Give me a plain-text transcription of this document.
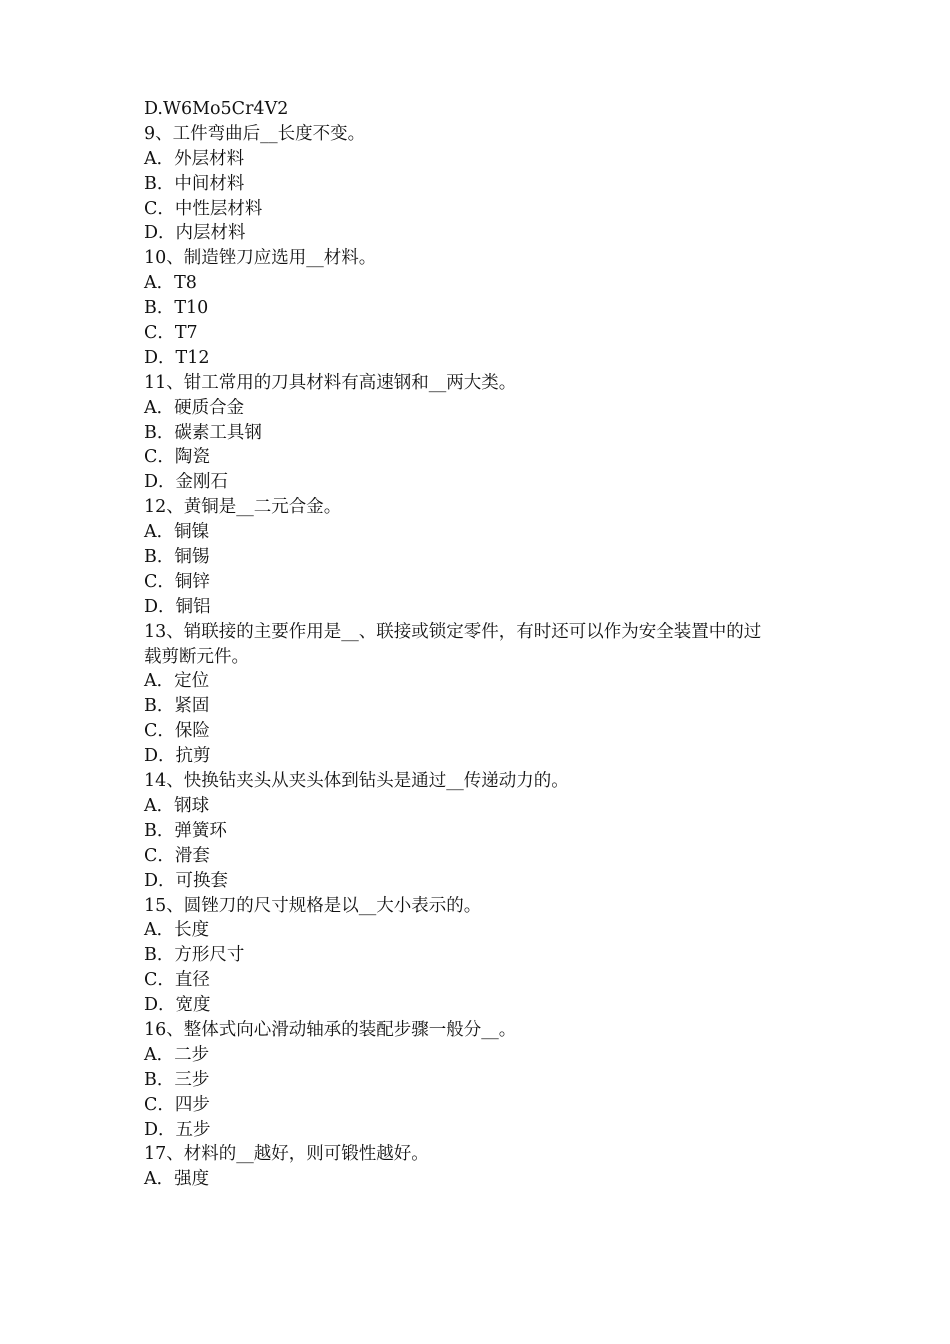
D.W6Mo5Cr4V2
9、工件弯曲后__长度不变。
A．外层材料
B．中间材料
C．中性层材料
D．内层材料
10、制造锉刀应选用__材料。
A．T8
B．T10
C．T7
D．T12
11、钳工常用的刀具材料有高速钢和__两大类。
A．硬质合金
B．碳素工具钢
C．陶瓷
D．金刚石
12、黄铜是__二元合金。
A．铜镍
B．铜锡
C．铜锌
D．铜铝
13、销联接的主要作用是__、联接或锁定零件，有时还可以作为安全装置中的过
载剪断元件。
A．定位
B．紧固
C．保险
D．抗剪
14、快换钻夹头从夹头体到钻头是通过__传递动力的。
A．钢球
B．弹簧环
C．滑套
D．可换套
15、圆锉刀的尺寸规格是以__大小表示的。
A．长度
B．方形尺寸
C．直径
D．宽度
16、整体式向心滑动轴承的装配步骤一般分__。
A．二步
B．三步
C．四步
D．五步
17、材料的__越好，则可锻性越好。
A．强度
